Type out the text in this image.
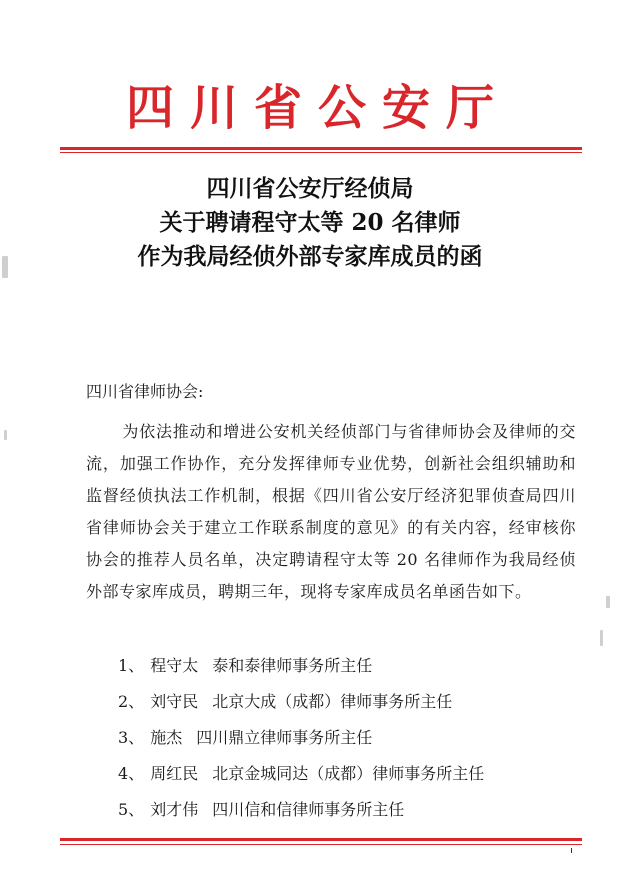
四川省公安厅
四川省公安厅经侦局
关于聘请程守太等 20 名律师
作为我局经侦外部专家库成员的函
四川省律师协会:
为依法推动和增进公安机关经侦部门与省律师协会及律师的交流，加强工作协作，充分发挥律师专业优势，创新社会组织辅助和监督经侦执法工作机制，根据《四川省公安厅经济犯罪侦查局四川省律师协会关于建立工作联系制度的意见》的有关内容，经审核你协会的推荐人员名单，决定聘请程守太等 20 名律师作为我局经侦外部专家库成员，聘期三年，现将专家库成员名单函告如下。
1、 程守太 泰和泰律师事务所主任
2、 刘守民 北京大成（成都）律师事务所主任
3、 施杰 四川鼎立律师事务所主任
4、 周红民 北京金城同达（成都）律师事务所主任
5、 刘才伟 四川信和信律师事务所主任
